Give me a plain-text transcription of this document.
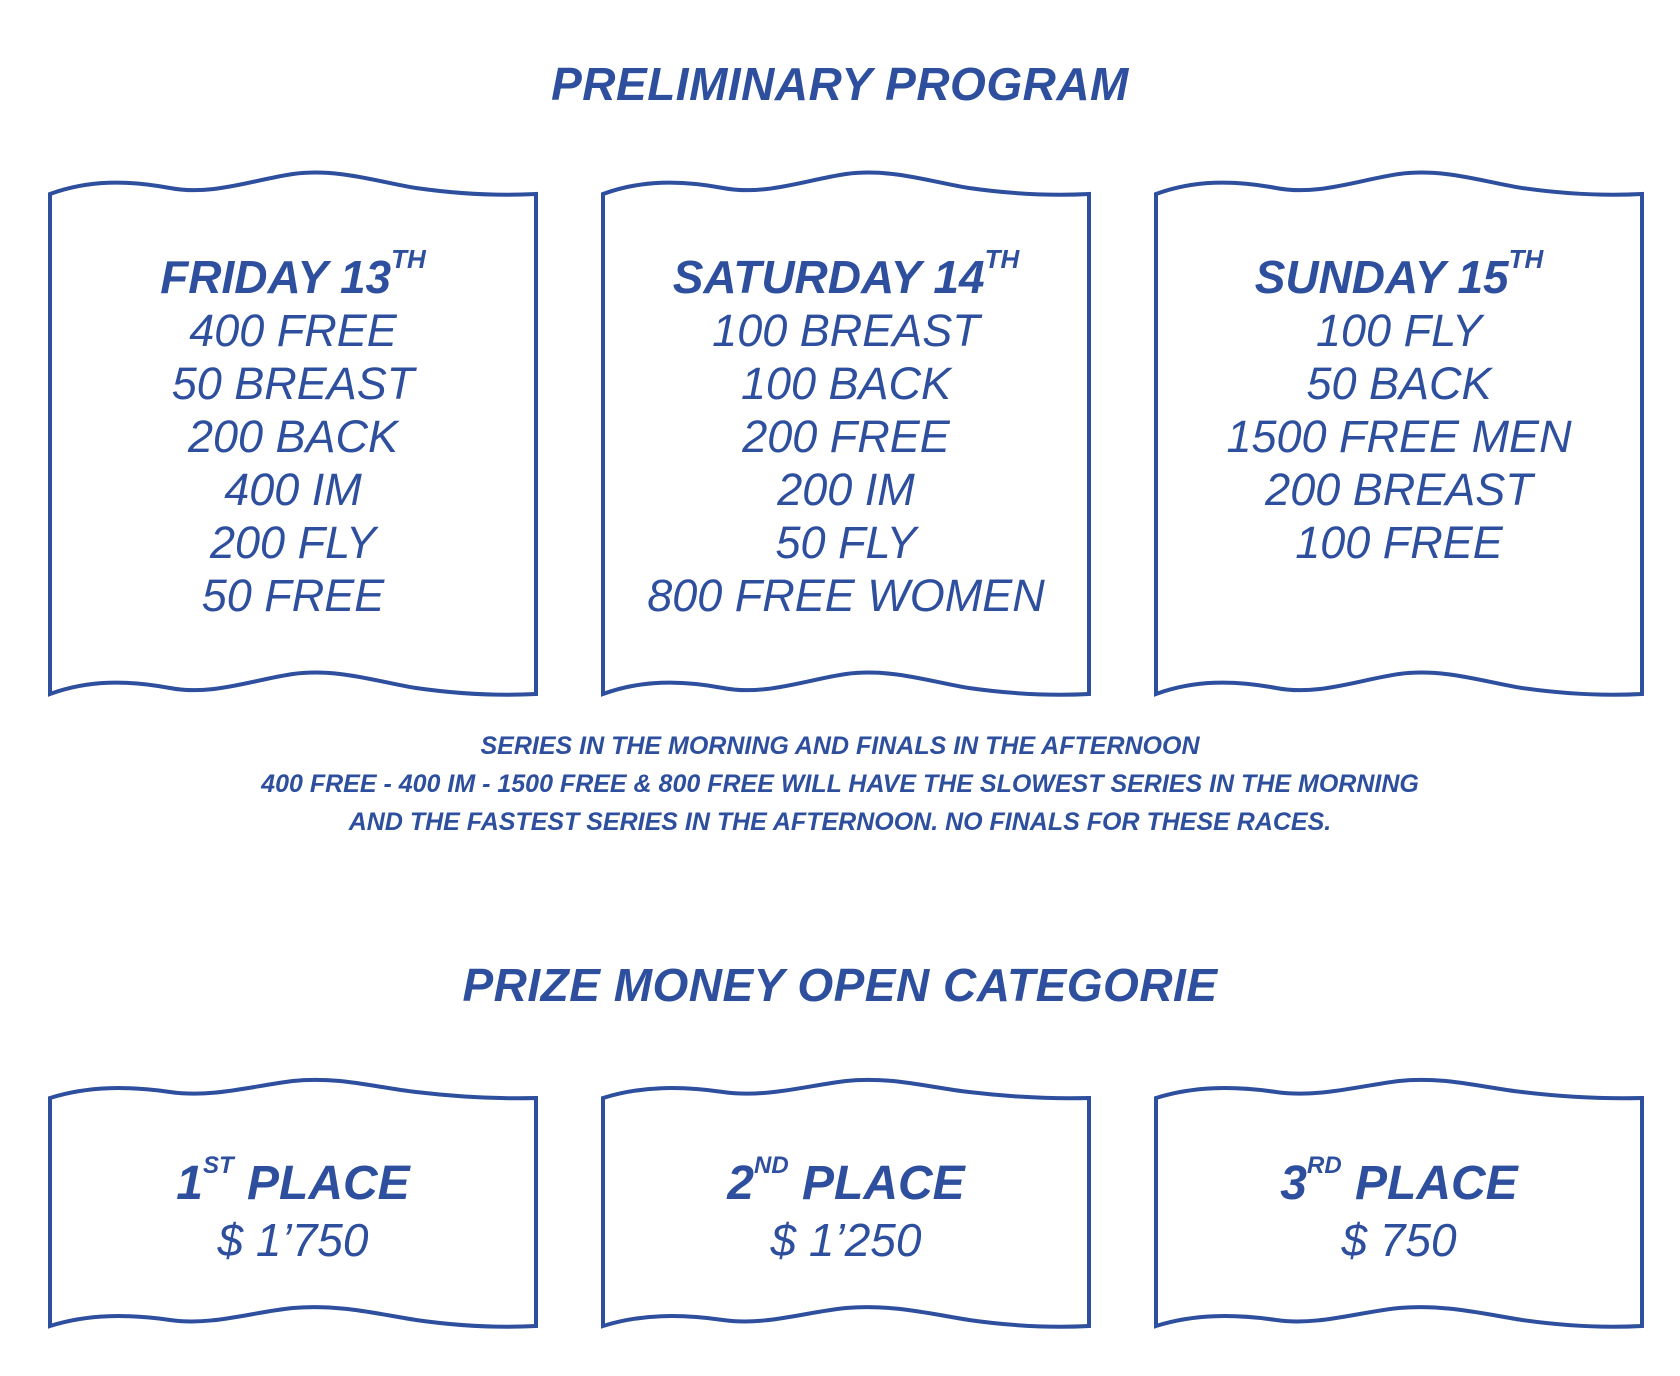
PRELIMINARY PROGRAM
FRIDAY 13TH
400 FREE
50 BREAST
200 BACK
400 IM
200 FLY
50 FREE
SATURDAY 14TH
100 BREAST
100 BACK
200 FREE
200 IM
50 FLY
800 FREE WOMEN
SUNDAY 15TH
100 FLY
50 BACK
1500 FREE MEN
200 BREAST
100 FREE

SERIES IN THE MORNING AND FINALS IN THE AFTERNOON

400 FREE - 400 IM - 1500 FREE & 800 FREE WILL HAVE THE SLOWEST SERIES IN THE MORNING

AND THE FASTEST SERIES IN THE AFTERNOON. NO FINALS FOR THESE RACES.

PRIZE MONEY OPEN CATEGORIE
1ST PLACE

$ 1’750

2ND PLACE

$ 1’250

3RD PLACE

$ 750
